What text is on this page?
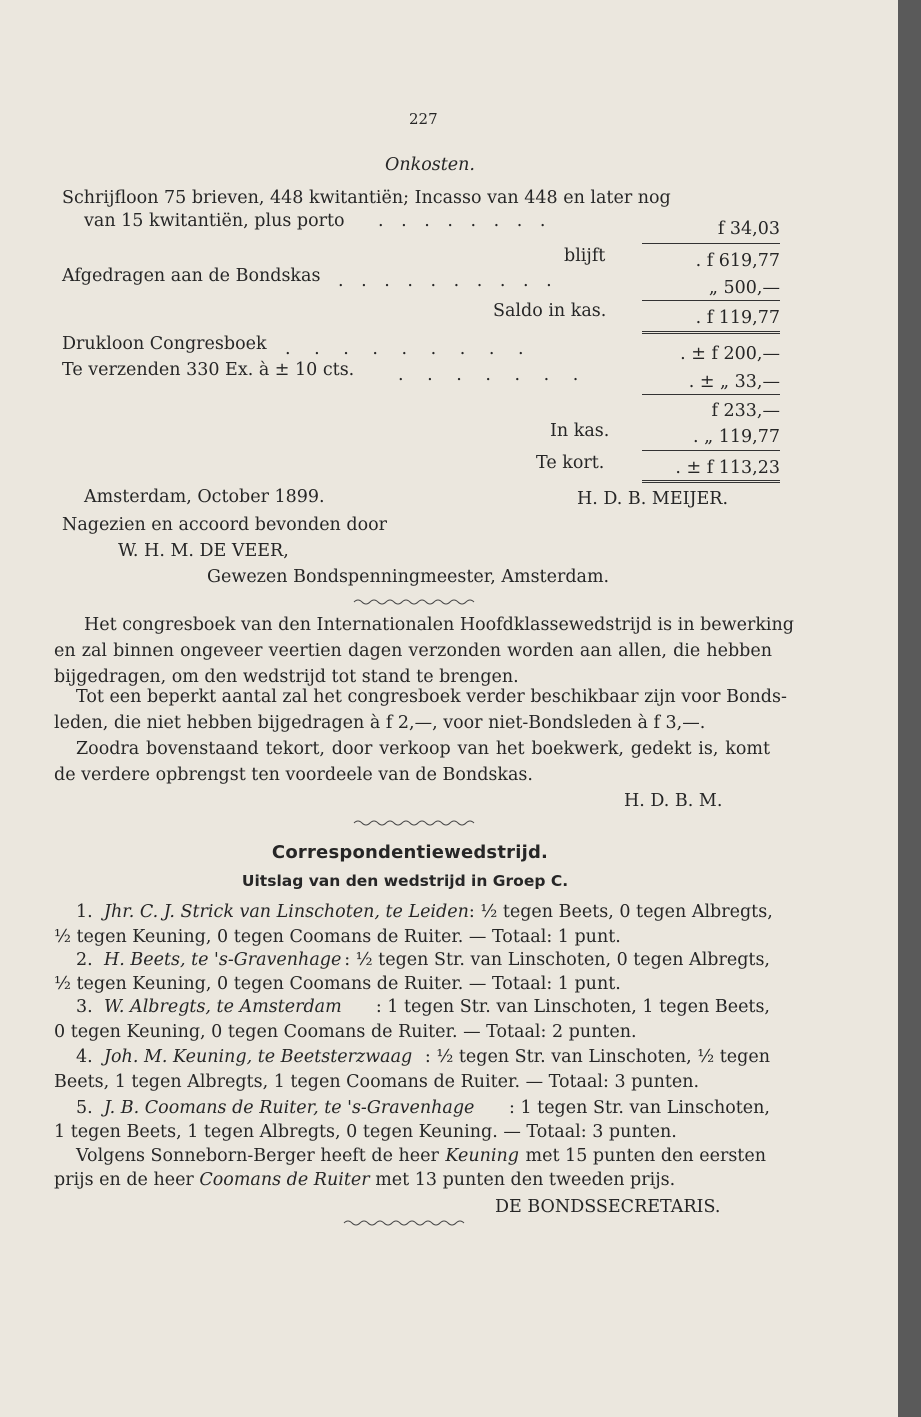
227
Onkosten.
Schrijfloon 75 brieven, 448 kwitantiën; Incasso van 448 en later nog
van 15 kwitantiën, plus porto . . . . . . . .	f 34,03
blijft	. f 619,77
Afgedragen aan de Bondskas . . . . . . . . . .	„ 500,—
Saldo in kas.	. f 119,77
Drukloon Congresboek . . . . . . . . .	. ± f 200,—
Te verzenden 330 Ex. à ± 10 cts.	. . . . . . .	. ± „ 33,—
f 233,—
In kas.	. „ 119,77
Te kort.	. ± f 113,23
Amsterdam, October 1899.	H. D. B. MEIJER.
Nagezien en accoord bevonden door
W. H. M. DE VEER,
Gewezen Bondspenningmeester, Amsterdam.
Het congresboek van den Internationalen Hoofdklassewedstrijd is in bewerking
en zal binnen ongeveer veertien dagen verzonden worden aan allen, die hebben
bijgedragen, om den wedstrijd tot stand te brengen.
Tot een beperkt aantal zal het congresboek verder beschikbaar zijn voor Bonds-
leden, die niet hebben bijgedragen à f 2,—, voor niet-Bondsleden à f 3,—.
Zoodra bovenstaand tekort, door verkoop van het boekwerk, gedekt is, komt
de verdere opbrengst ten voordeele van de Bondskas.
H. D. B. M.
Correspondentiewedstrijd.
Uitslag van den wedstrijd in Groep C.
1. Jhr. C. J. Strick van Linschoten, te Leiden : ½ tegen Beets, 0 tegen Albregts,
½ tegen Keuning, 0 tegen Coomans de Ruiter. — Totaal: 1 punt.
2. H. Beets, te 's-Gravenhage : ½ tegen Str. van Linschoten, 0 tegen Albregts,
½ tegen Keuning, 0 tegen Coomans de Ruiter. — Totaal: 1 punt.
3. W. Albregts, te Amsterdam : 1 tegen Str. van Linschoten, 1 tegen Beets,
0 tegen Keuning, 0 tegen Coomans de Ruiter. — Totaal: 2 punten.
4. Joh. M. Keuning, te Beetsterzwaag : ½ tegen Str. van Linschoten, ½ tegen
Beets, 1 tegen Albregts, 1 tegen Coomans de Ruiter. — Totaal: 3 punten.
5. J. B. Coomans de Ruiter, te 's-Gravenhage : 1 tegen Str. van Linschoten,
1 tegen Beets, 1 tegen Albregts, 0 tegen Keuning. — Totaal: 3 punten.
Volgens Sonneborn-Berger heeft de heer Keuning met 15 punten den eersten
prijs en de heer Coomans de Ruiter met 13 punten den tweeden prijs.
DE BONDSSECRETARIS.
